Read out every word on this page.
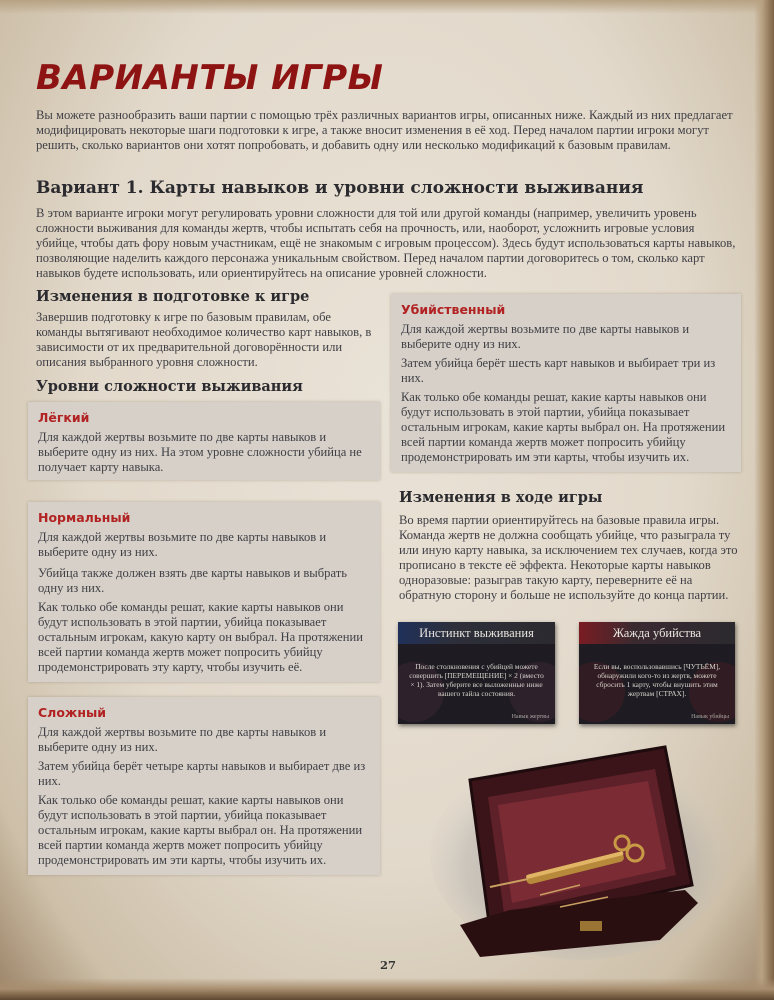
ВАРИАНТЫ ИГРЫ

Вы можете разнообразить ваши партии с помощью трёх различных вариантов игры, описанных ниже. Каждый из них предлагает модифицировать некоторые шаги подготовки к игре, а также вносит изменения в её ход. Перед началом партии игроки могут решить, сколько вариантов они хотят попробовать, и добавить одну или несколько модификаций к базовым правилам.

Вариант 1. Карты навыков и уровни сложности выживания

В этом варианте игроки могут регулировать уровни сложности для той или другой команды (например, увеличить уровень сложности выживания для команды жертв, чтобы испытать себя на прочность, или, наоборот, усложнить игровые условия убийце, чтобы дать фору новым участникам, ещё не знакомым с игровым процессом). Здесь будут использоваться карты навыков, позволяющие наделить каждого персонажа уникальным свойством. Перед началом партии договоритесь о том, сколько карт навыков будете использовать, или ориентируйтесь на описание уровней сложности.

Изменения в подготовке к игре

Завершив подготовку к игре по базовым правилам, обе команды вытягивают необходимое количество карт навыков, в зависимости от их предварительной договорённости или описания выбранного уровня сложности.

Уровни сложности выживания

Лёгкий

Для каждой жертвы возьмите по две карты навыков и выберите одну из них. На этом уровне сложности убийца не получает карту навыка.

Нормальный

Для каждой жертвы возьмите по две карты навыков и выберите одну из них.

Убийца также должен взять две карты навыков и выбрать одну из них.

Как только обе команды решат, какие карты навыков они будут использовать в этой партии, убийца показывает остальным игрокам, какую карту он выбрал. На протяжении всей партии команда жертв может попросить убийцу продемонстрировать эту карту, чтобы изучить её.

Сложный

Для каждой жертвы возьмите по две карты навыков и выберите одну из них.

Затем убийца берёт четыре карты навыков и выбирает две из них.

Как только обе команды решат, какие карты навыков они будут использовать в этой партии, убийца показывает остальным игрокам, какие карты выбрал он. На протяжении всей партии команда жертв может попросить убийцу продемонстрировать им эти карты, чтобы изучить их.

Убийственный

Для каждой жертвы возьмите по две карты навыков и выберите одну из них.

Затем убийца берёт шесть карт навыков и выбирает три из них.

Как только обе команды решат, какие карты навыков они будут использовать в этой партии, убийца показывает остальным игрокам, какие карты выбрал он. На протяжении всей партии команда жертв может попросить убийцу продемонстрировать им эти карты, чтобы изучить их.

Изменения в ходе игры

Во время партии ориентируйтесь на базовые правила игры. Команда жертв не должна сообщать убийце, что разыграла ту или иную карту навыка, за исключением тех случаев, когда это прописано в тексте её эффекта. Некоторые карты навыков одноразовые: разыграв такую карту, переверните её на обратную сторону и больше не используйте до конца партии.

Инстинкт выживания

После столкновения с убийцей можете совершить [ПЕРЕМЕЩЕНИЕ] × 2 (вместо × 1). Затем уберите все выложенные ниже вашего тайла состояния.

Навык жертвы

Жажда убийства

Если вы, воспользовавшись [ЧУТЬЁМ], обнаружили кого-то из жертв, можете сбросить 1 карту, чтобы внушить этим жертвам [СТРАХ].

Навык убийцы

27
